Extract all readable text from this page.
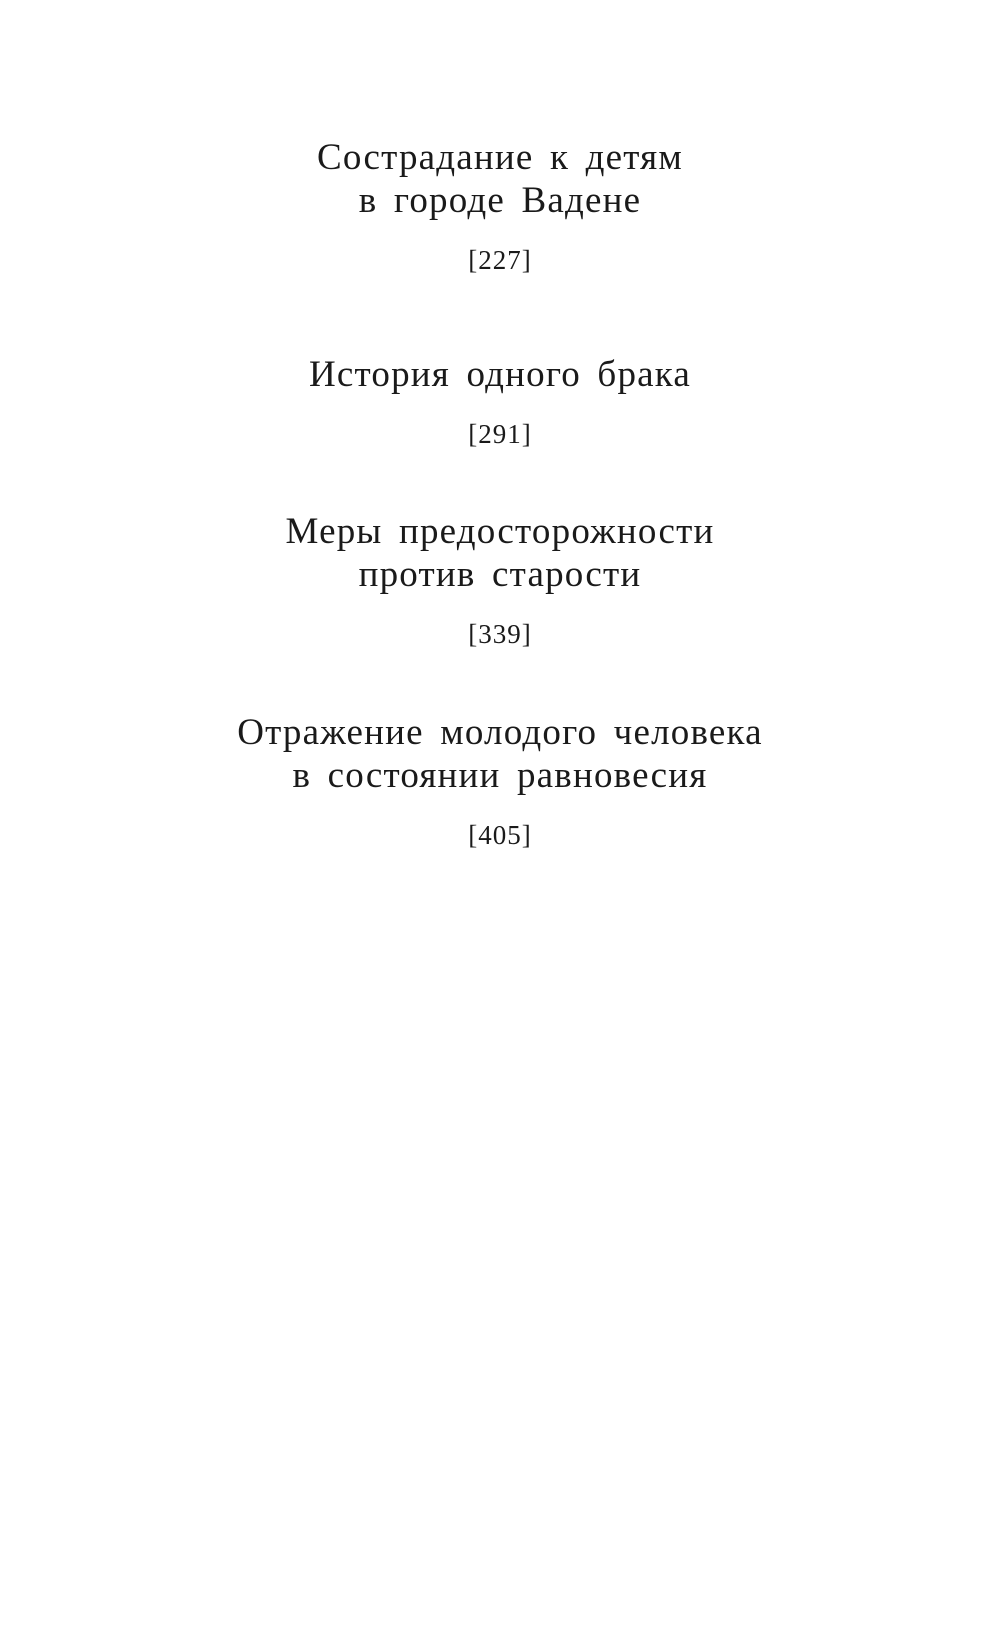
Сострадание к детям
в городе Вадене
[ 227 ]
История одного брака
[ 291 ]
Меры предосторожности
против старости
[ 339 ]
Отражение молодого человека
в состоянии равновесия
[ 405 ]
